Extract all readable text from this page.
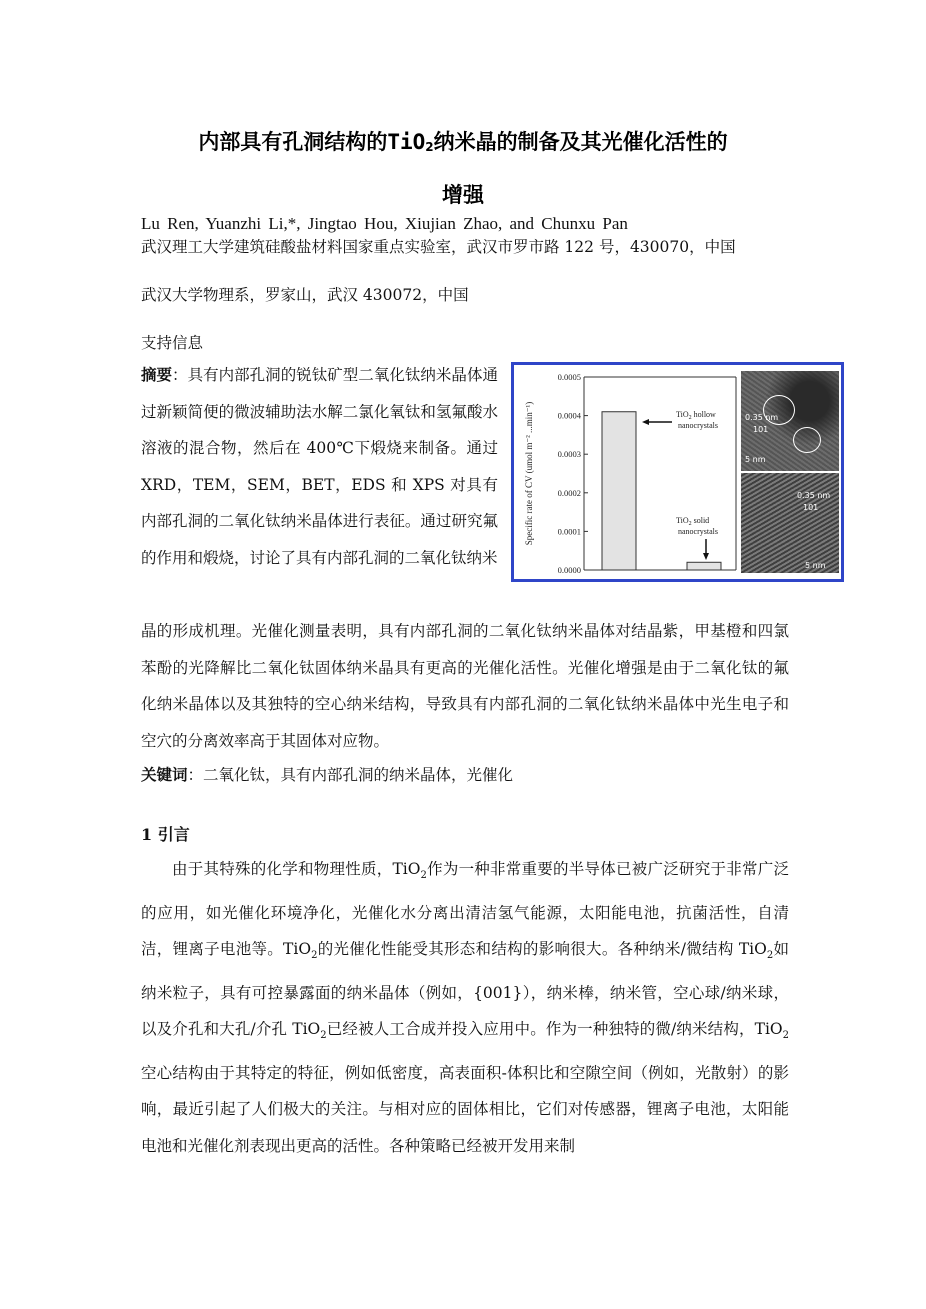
内部具有孔洞结构的TiO$_2$纳米晶的制备及其光催化活性的
增强
Lu Ren, Yuanzhi Li,*, Jingtao Hou, Xiujian Zhao, and Chunxu Pan
武汉理工大学建筑硅酸盐材料国家重点实验室，武汉市罗市路 122 号，430070，中国
武汉大学物理系，罗家山，武汉 430072，中国
支持信息
摘要：具有内部孔洞的锐钛矿型二氧化钛纳米晶体通过新颖简便的微波辅助法水解二氯化氧钛和氢氟酸水溶液的混合物，然后在 400℃下煅烧来制备。通过 XRD，TEM，SEM，BET，EDS 和 XPS 对具有内部孔洞的二氧化钛纳米晶体进行表征。通过研究氟的作用和煅烧，讨论了具有内部孔洞的二氧化钛纳米
晶的形成机理。光催化测量表明，具有内部孔洞的二氧化钛纳米晶体对结晶紫，甲基橙和四氯苯酚的光降解比二氧化钛固体纳米晶具有更高的光催化活性。光催化增强是由于二氧化钛的氟化纳米晶体以及其独特的空心纳米结构，导致具有内部孔洞的二氧化钛纳米晶体中光生电子和空穴的分离效率高于其固体对应物。
关键词：二氧化钛，具有内部孔洞的纳米晶体，光催化
1 引言
由于其特殊的化学和物理性质，TiO$_2$作为一种非常重要的半导体已被广泛研究于非常广泛的应用，如光催化环境净化，光催化水分离出清洁氢气能源，太阳能电池，抗菌活性，自清洁，锂离子电池等。TiO$_2$的光催化性能受其形态和结构的影响很大。各种纳米/微结构 TiO$_2$如纳米粒子，具有可控暴露面的纳米晶体（例如，{001}），纳米棒，纳米管，空心球/纳米球，以及介孔和大孔/介孔 TiO$_2$已经被人工合成并投入应用中。作为一种独特的微/纳米结构，TiO$_2$空心结构由于其特定的特征，例如低密度，高表面积-体积比和空隙空间（例如，光散射）的影响，最近引起了人们极大的关注。与相对应的固体相比，它们对传感器，锂离子电池，太阳能电池和光催化剂表现出更高的活性。各种策略已经被开发用来制
0.0000
0.0001
0.0002
0.0003
0.0004
0.0005
Specific rate of CV (umol m⁻² ...min⁻¹)	TiO$_2$ hollow
nanocrystals
TiO$_2$ solid
nanocrystals
0.35 nm
101
5 nm
0.35 nm
101
5 nm
